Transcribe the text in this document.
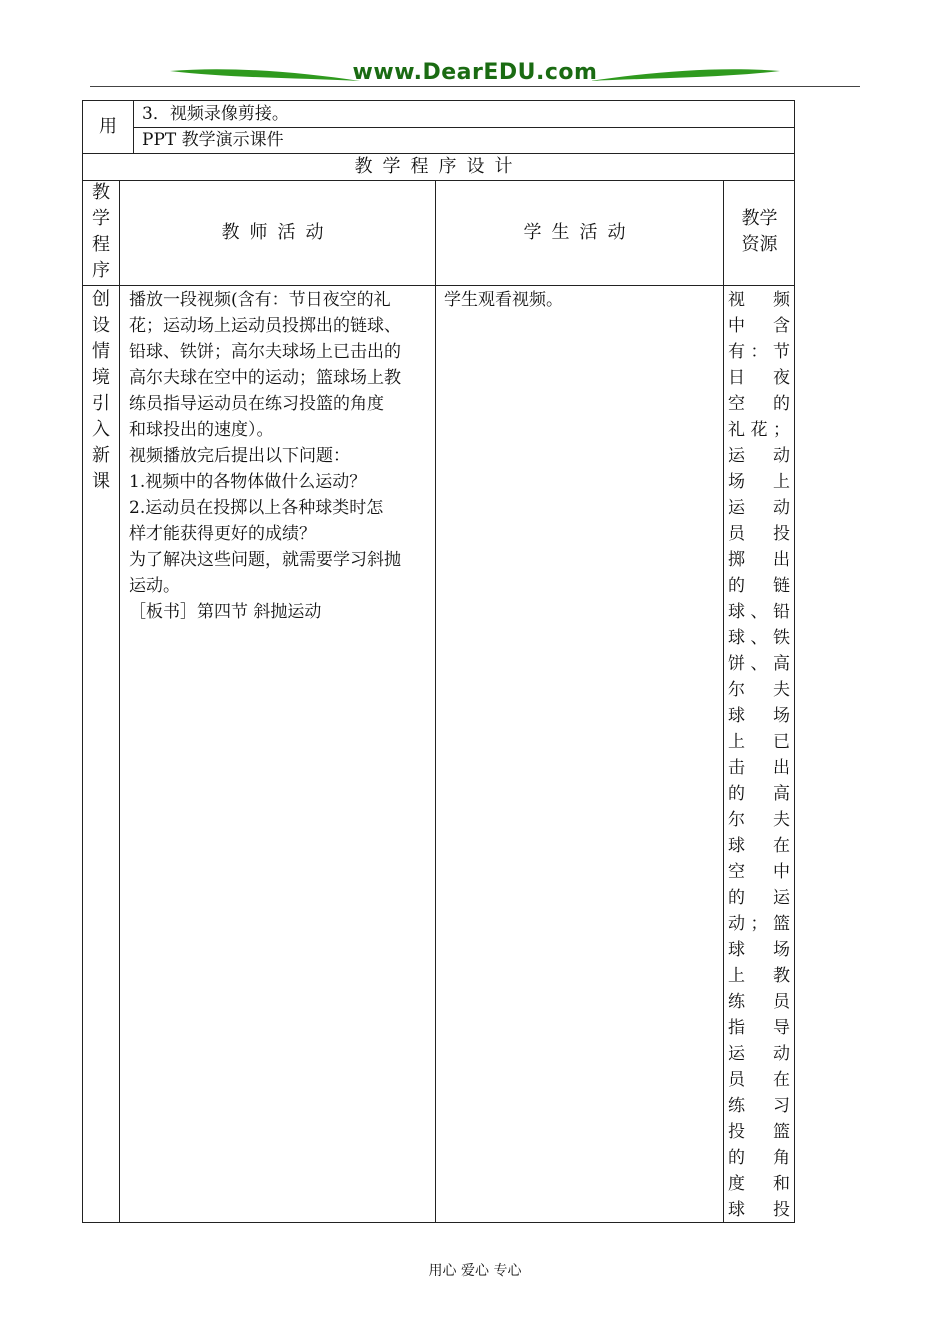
www.DearEDU.com
用
3．视频录像剪接。
PPT 教学演示课件
教学程序设计
教
学
程
序
教师活动	学生活动
教学
资源
创
设
情
境
引
入
新
课

播放一段视频(含有：节日夜空的礼

花；运动场上运动员投掷出的链球、

铅球、铁饼；高尔夫球场上已击出的

高尔夫球在空中的运动；篮球场上教

练员指导运动员在练习投篮的角度

和球投出的速度）。

视频播放完后提出以下问题：

1.视频中的各物体做什么运动？

2.运动员在投掷以上各种球类时怎

样才能获得更好的成绩？

为了解决这些问题，就需要学习斜抛

运动。

［板书］第四节 斜抛运动

学生观看视频。	视频
中含
有：节
日夜
空的
礼花；
运动
场上
运动
员投
掷出
的链
球、铅
球、铁
饼、高
尔夫
球场
上已
击出
的高
尔夫
球在
空中
的运
动；篮
球场
上教
练员
指导
运动
员在
练习
投篮
的角
度和
球投
用心 爱心 专心
